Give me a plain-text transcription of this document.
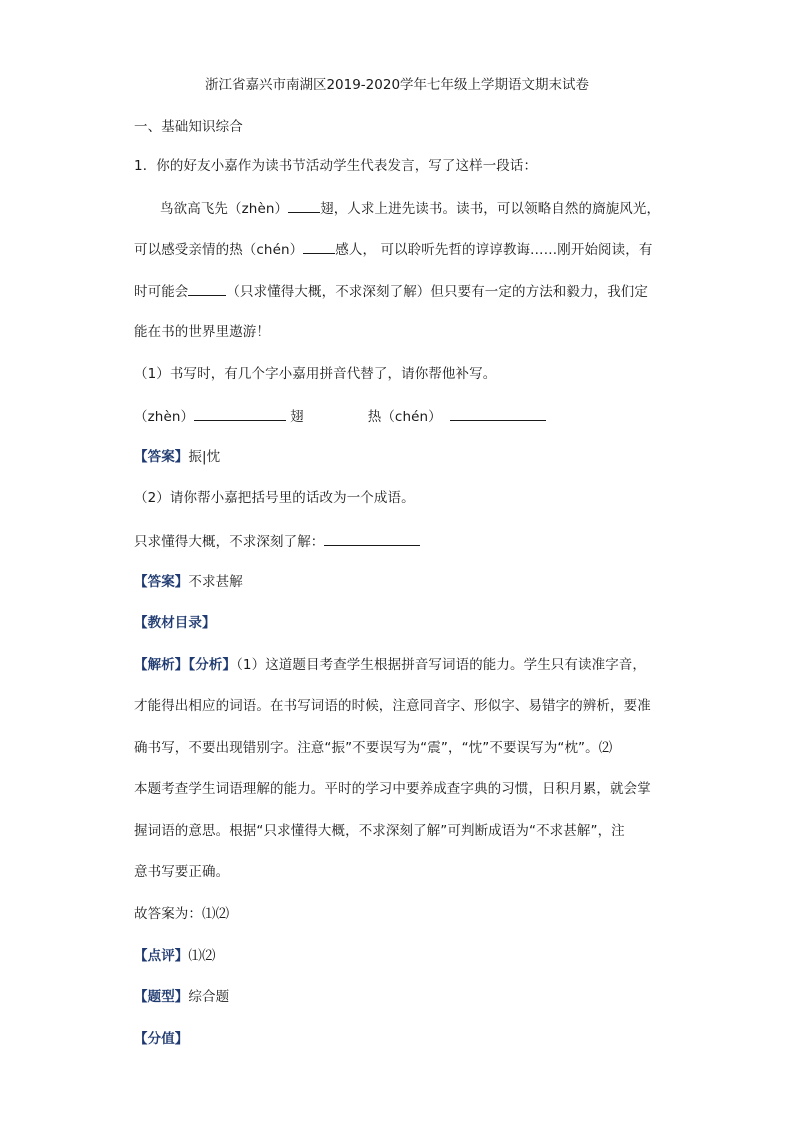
浙江省嘉兴市南湖区2019-2020学年七年级上学期语文期末试卷
一、基础知识综合
1．你的好友小嘉作为读书节活动学生代表发言，写了这样一段话：
鸟欲高飞先（zhèn） 翅，人求上进先读书。读书，可以领略自然的旖旎风光，
可以感受亲情的热（chén） 感人， 可以聆听先哲的谆谆教诲……刚开始阅读，有
时可能会	（只求懂得大概，不求深刻了解）但只要有一定的方法和毅力，我们定
能在书的世界里遨游！
（1）书写时，有几个字小嘉用拼音代替了，请你帮他补写。
（zhèn）	翅	热（chén）
【答案】振|忱
（2）请你帮小嘉把括号里的话改为一个成语。
只求懂得大概，不求深刻了解：
【答案】不求甚解
【教材目录】
【解析】【分析】（1）这道题目考查学生根据拼音写词语的能力。学生只有读准字音，
才能得出相应的词语。在书写词语的时候，注意同音字、形似字、易错字的辨析，要准
确书写，不要出现错别字。注意“振”不要误写为“震”，“忱”不要误写为“枕”。⑵
本题考查学生词语理解的能力。平时的学习中要养成查字典的习惯，日积月累，就会掌
握词语的意思。根据“只求懂得大概，不求深刻了解”可判断成语为“不求甚解”，注
意书写要正确。
故答案为：⑴⑵
【点评】⑴⑵
【题型】综合题
【分值】
